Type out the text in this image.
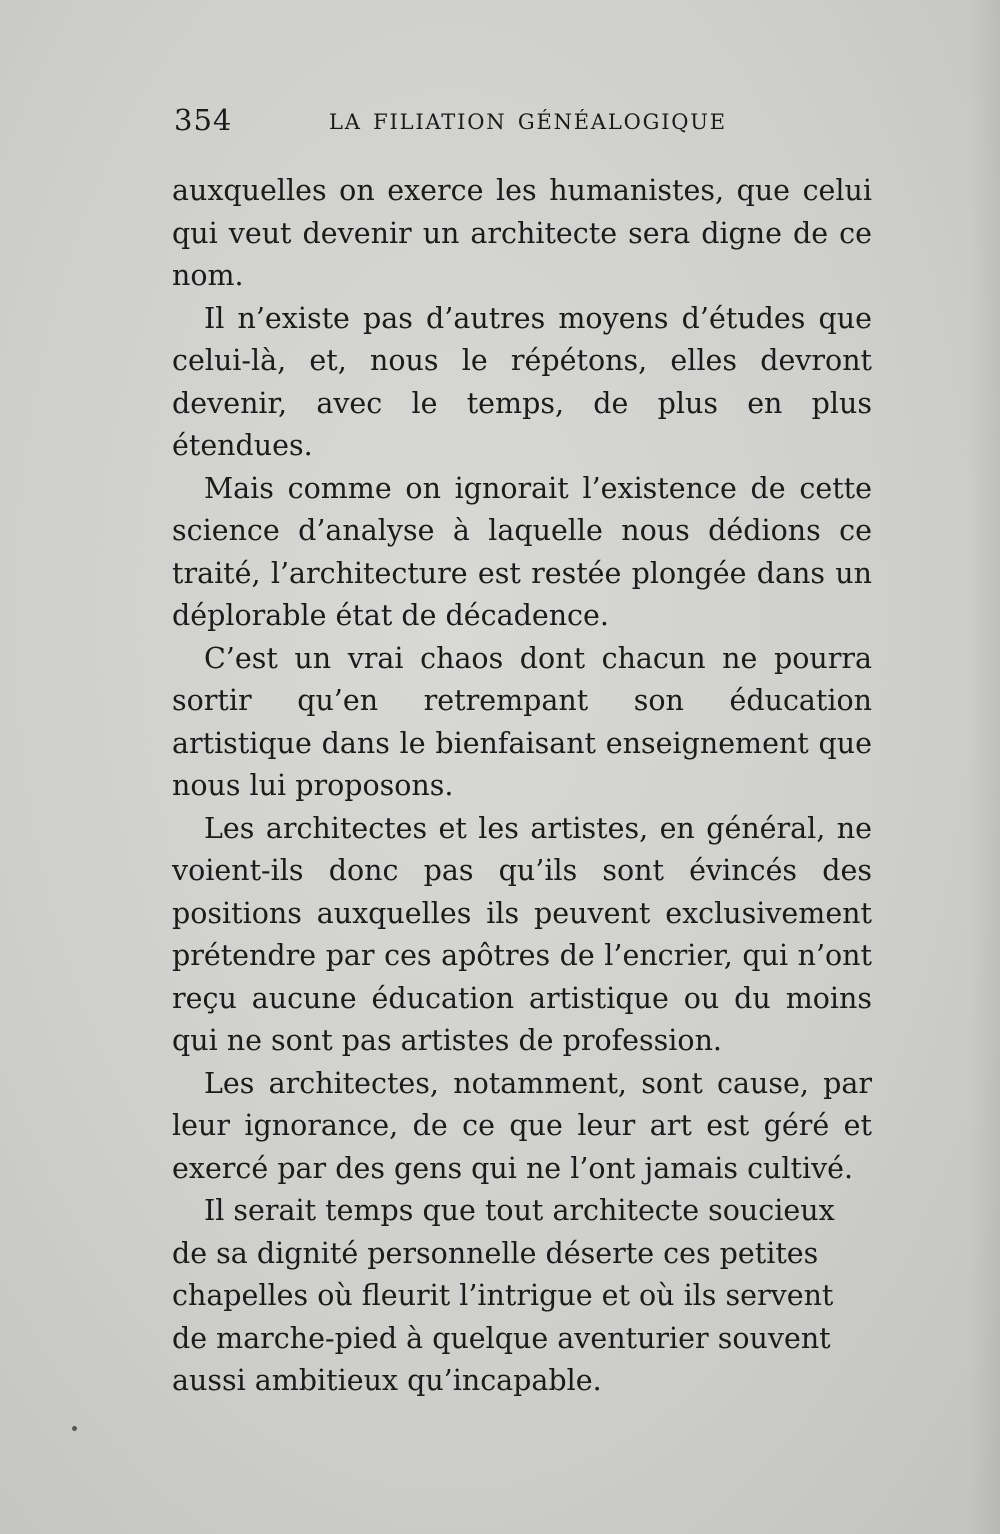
354	LA FILIATION GÉNÉALOGIQUE

auxquelles on exerce les humanistes, que celui qui veut devenir un architecte sera digne de ce nom.

Il n’existe pas d’autres moyens d’études que celui-là, et, nous le répétons, elles devront devenir, avec le temps, de plus en plus étendues.

Mais comme on ignorait l’existence de cette science d’analyse à laquelle nous dédions ce traité, l’architecture est restée plongée dans un déplorable état de décadence.

C’est un vrai chaos dont chacun ne pourra sortir qu’en retrempant son éducation artistique dans le bienfaisant enseignement que nous lui proposons.

Les architectes et les artistes, en général, ne voient-ils donc pas qu’ils sont évincés des positions auxquelles ils peuvent exclusivement prétendre par ces apôtres de l’encrier, qui n’ont reçu aucune éducation artistique ou du moins qui ne sont pas artistes de profession.

Les architectes, notamment, sont cause, par leur ignorance, de ce que leur art est géré et exercé par des gens qui ne l’ont jamais cultivé.

Il serait temps que tout architecte soucieux de sa dignité personnelle déserte ces petites chapelles où fleurit l’intrigue et où ils servent de marche-pied à quelque aventurier souvent aussi ambitieux qu’incapable.
